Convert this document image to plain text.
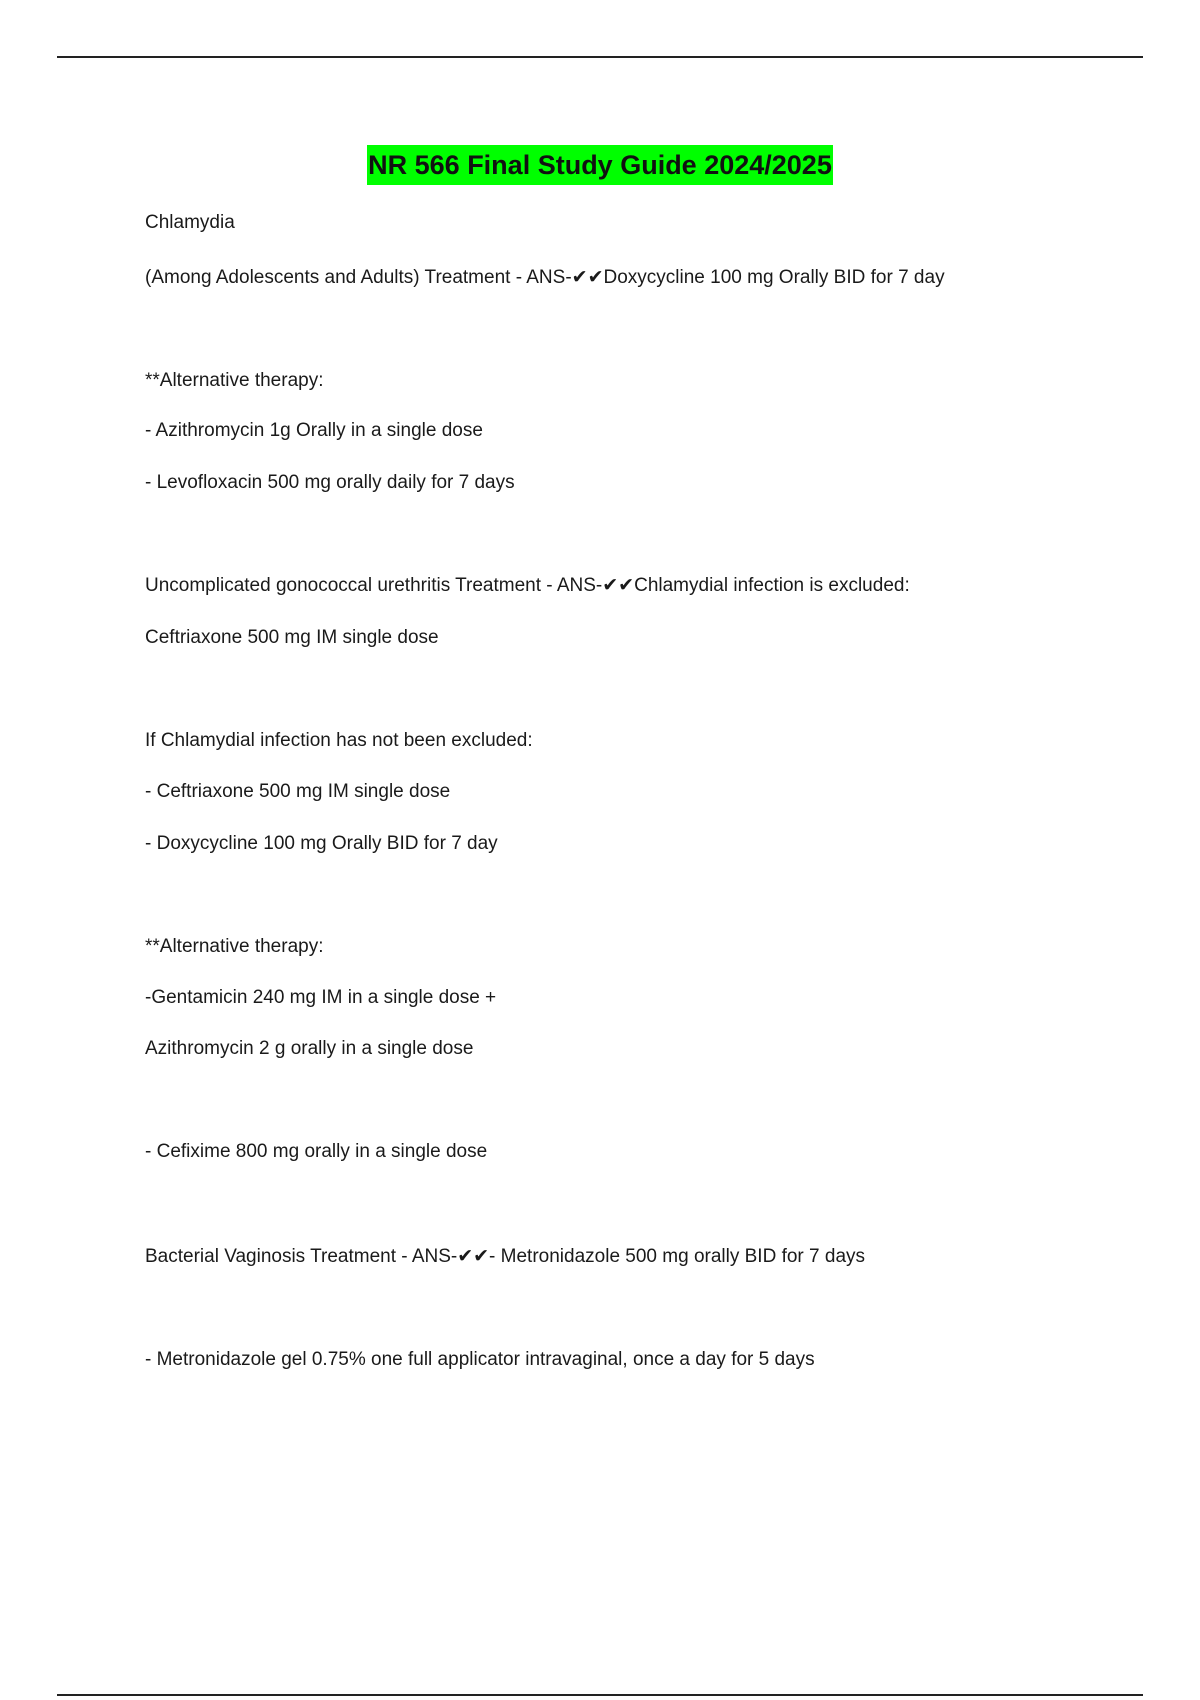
NR 566 Final Study Guide 2024/2025
Chlamydia
(Among Adolescents and Adults) Treatment - ANS-✔✔Doxycycline 100 mg Orally BID for 7 day
**Alternative therapy:
- Azithromycin 1g Orally in a single dose
- Levofloxacin 500 mg orally daily for 7 days
Uncomplicated gonococcal urethritis Treatment - ANS-✔✔Chlamydial infection is excluded:
Ceftriaxone 500 mg IM single dose
If Chlamydial infection has not been excluded:
- Ceftriaxone 500 mg IM single dose
- Doxycycline 100 mg Orally BID for 7 day
**Alternative therapy:
-Gentamicin 240 mg IM in a single dose +
Azithromycin 2 g orally in a single dose
- Cefixime 800 mg orally in a single dose
Bacterial Vaginosis Treatment - ANS-✔✔- Metronidazole 500 mg orally BID for 7 days
- Metronidazole gel 0.75% one full applicator intravaginal, once a day for 5 days
